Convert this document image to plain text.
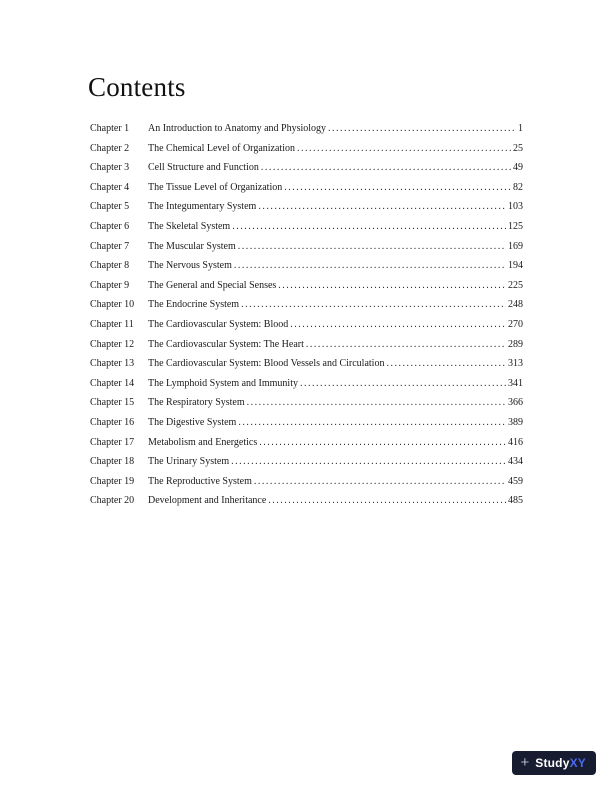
Contents
Chapter 1	An Introduction to Anatomy and Physiology .....	1
Chapter 2	The Chemical Level of Organization .....	25
Chapter 3	Cell Structure and Function .....	49
Chapter 4	The Tissue Level of Organization .....	82
Chapter 5	The Integumentary System .....	103
Chapter 6	The Skeletal System .....	125
Chapter 7	The Muscular System .....	169
Chapter 8	The Nervous System .....	194
Chapter 9	The General and Special Senses .....	225
Chapter 10	The Endocrine System .....	248
Chapter 11	The Cardiovascular System: Blood .....	270
Chapter 12	The Cardiovascular System: The Heart .....	289
Chapter 13	The Cardiovascular System: Blood Vessels and Circulation .....	313
Chapter 14	The Lymphoid System and Immunity .....	341
Chapter 15	The Respiratory System .....	366
Chapter 16	The Digestive System .....	389
Chapter 17	Metabolism and Energetics .....	416
Chapter 18	The Urinary System .....	434
Chapter 19	The Reproductive System .....	459
Chapter 20	Development and Inheritance .....	485
+ StudyXY
